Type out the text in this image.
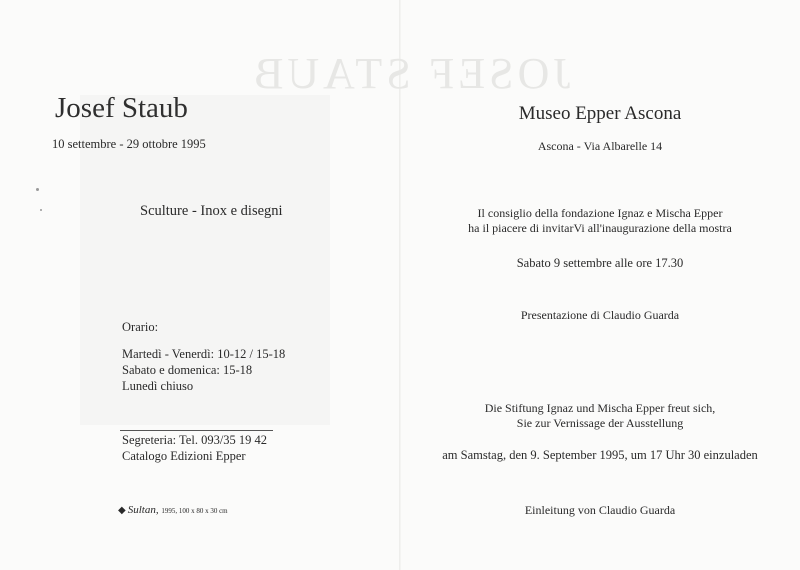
JOSEF STAUB
Josef Staub
10 settembre - 29 ottobre 1995
Sculture - Inox e disegni
Orario:
Martedì - Venerdì: 10-12 / 15-18
Sabato e domenica: 15-18
Lunedì chiuso
Segreteria: Tel. 093/35 19 42
Catalogo Edizioni Epper
◆ Sultan, 1995, 100 x 80 x 30 cm
Museo Epper Ascona
Ascona - Via Albarelle 14
Il consiglio della fondazione Ignaz e Mischa Epper
ha il piacere di invitarVi all'inaugurazione della mostra
Sabato 9 settembre alle ore 17.30
Presentazione di Claudio Guarda
Die Stiftung Ignaz und Mischa Epper freut sich,
Sie zur Vernissage der Ausstellung
am Samstag, den 9. September 1995, um 17 Uhr 30 einzuladen
Einleitung von Claudio Guarda
